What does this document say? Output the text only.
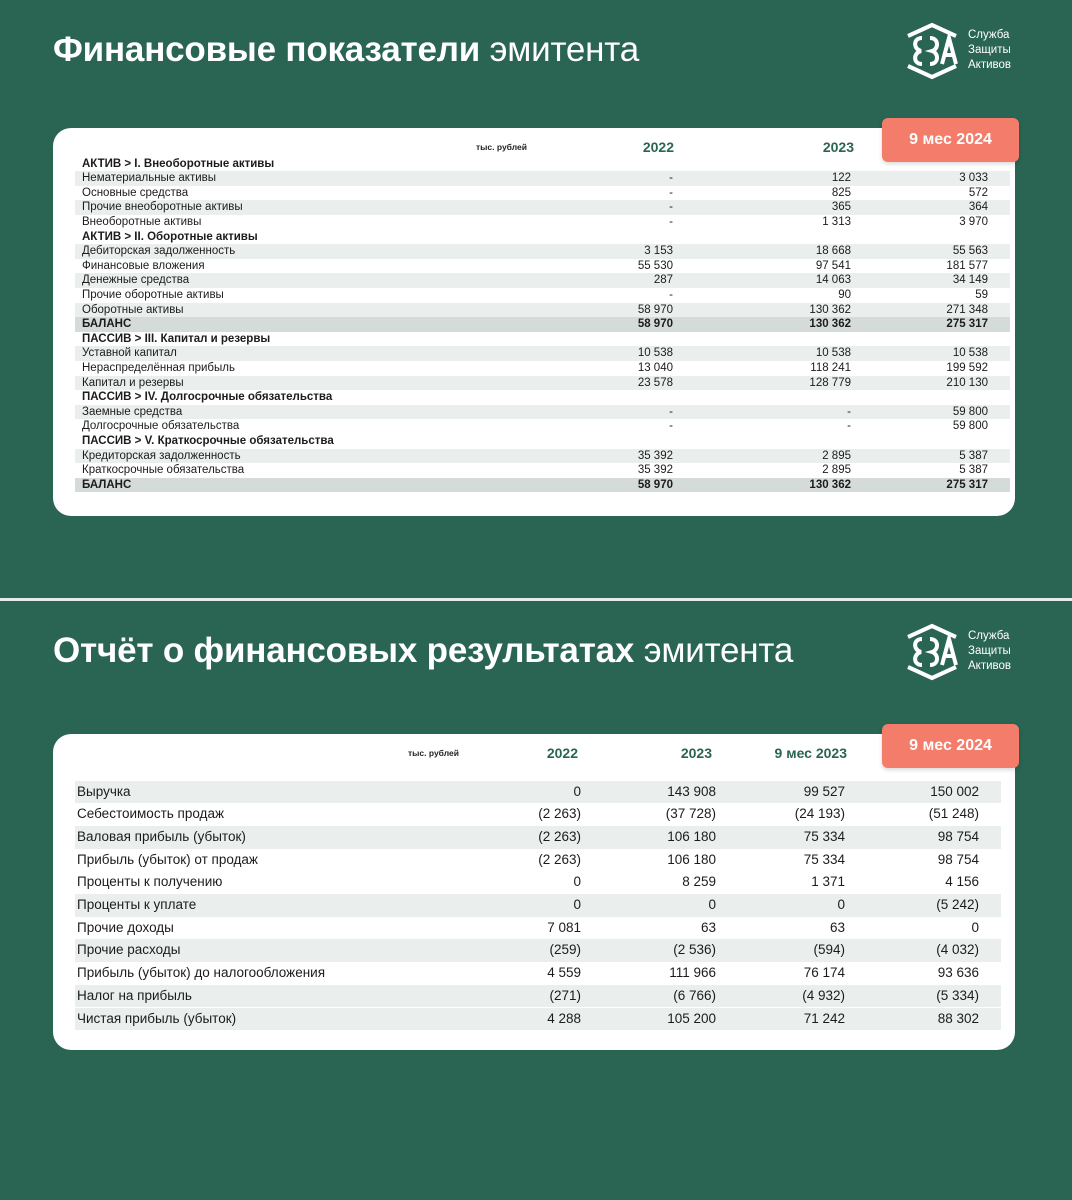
Финансовые показатели эмитента	Служба
Защиты
Активов
9 мес 2024
тыс. рублей	2022	2023
АКТИВ > I. Внеоборотные активы
Нематериальные активы	-	122	3 033
Основные средства	-	825	572
Прочие внеоборотные активы	-	365	364
Внеоборотные активы	-	1 313	3 970
АКТИВ > II. Оборотные активы
Дебиторская задолженность	3 153	18 668	55 563
Финансовые вложения	55 530	97 541	181 577
Денежные средства	287	14 063	34 149
Прочие оборотные активы	-	90	59
Оборотные активы	58 970	130 362	271 348
БАЛАНС	58 970	130 362	275 317
ПАССИВ > III. Капитал и резервы
Уставной капитал	10 538	10 538	10 538
Нераспределённая прибыль	13 040	118 241	199 592
Капитал и резервы	23 578	128 779	210 130
ПАССИВ > IV. Долгосрочные обязательства
Заемные средства	-	-	59 800
Долгосрочные обязательства	-	-	59 800
ПАССИВ > V. Краткосрочные обязательства
Кредиторская задолженность	35 392	2 895	5 387
Краткосрочные обязательства	35 392	2 895	5 387
БАЛАНС	58 970	130 362	275 317
Отчёт о финансовых результатах эмитента	Служба
Защиты
Активов
9 мес 2024
тыс. рублей	2022	2023	9 мес 2023
Выручка	0	143 908	99 527	150 002
Себестоимость продаж	(2 263)	(37 728)	(24 193)	(51 248)
Валовая прибыль (убыток)	(2 263)	106 180	75 334	98 754
Прибыль (убыток) от продаж	(2 263)	106 180	75 334	98 754
Проценты к получению	0	8 259	1 371	4 156
Проценты к уплате	0	0	0	(5 242)
Прочие доходы	7 081	63	63	0
Прочие расходы	(259)	(2 536)	(594)	(4 032)
Прибыль (убыток) до налогообложения	4 559	111 966	76 174	93 636
Налог на прибыль	(271)	(6 766)	(4 932)	(5 334)
Чистая прибыль (убыток)	4 288	105 200	71 242	88 302
